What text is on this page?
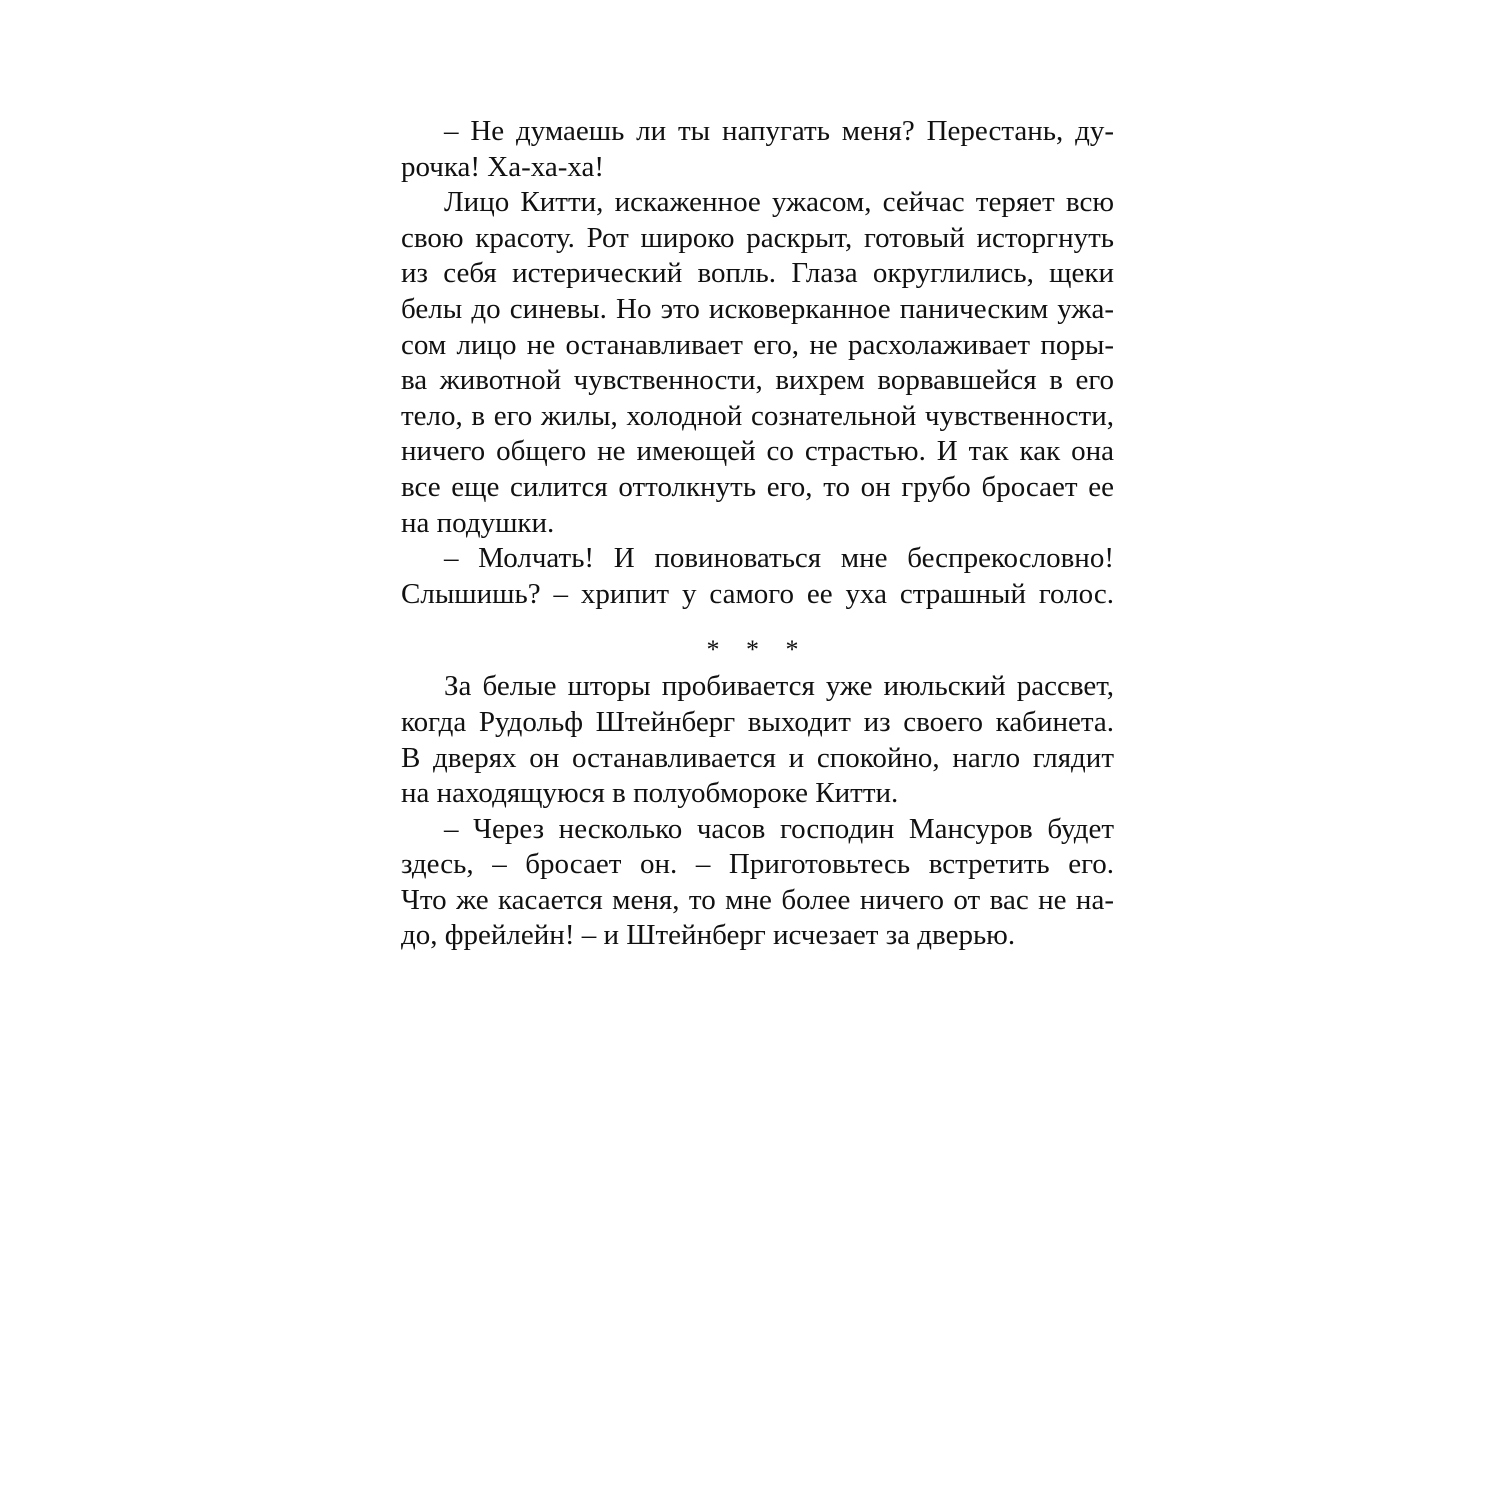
– Не думаешь ли ты напугать меня? Перестань, ду-
рочка! Ха-ха-ха!
Лицо Китти, искаженное ужасом, сейчас теряет всю
свою красоту. Рот широко раскрыт, готовый исторгнуть
из себя истерический вопль. Глаза округлились, щеки
белы до синевы. Но это исковерканное паническим ужа-
сом лицо не останавливает его, не расхолаживает поры-
ва животной чувственности, вихрем ворвавшейся в его
тело, в его жилы, холодной сознательной чувственности,
ничего общего не имеющей со страстью. И так как она
все еще силится оттолкнуть его, то он грубо бросает ее
на подушки.
– Молчать! И повиноваться мне беспрекословно!
Слышишь? – хрипит у самого ее уха страшный голос.
* * *
За белые шторы пробивается уже июльский рассвет,
когда Рудольф Штейнберг выходит из своего кабинета.
В дверях он останавливается и спокойно, нагло глядит
на находящуюся в полуобмороке Китти.
– Через несколько часов господин Мансуров будет
здесь, – бросает он. – Приготовьтесь встретить его.
Что же касается меня, то мне более ничего от вас не на-
до, фрейлейн! – и Штейнберг исчезает за дверью.
